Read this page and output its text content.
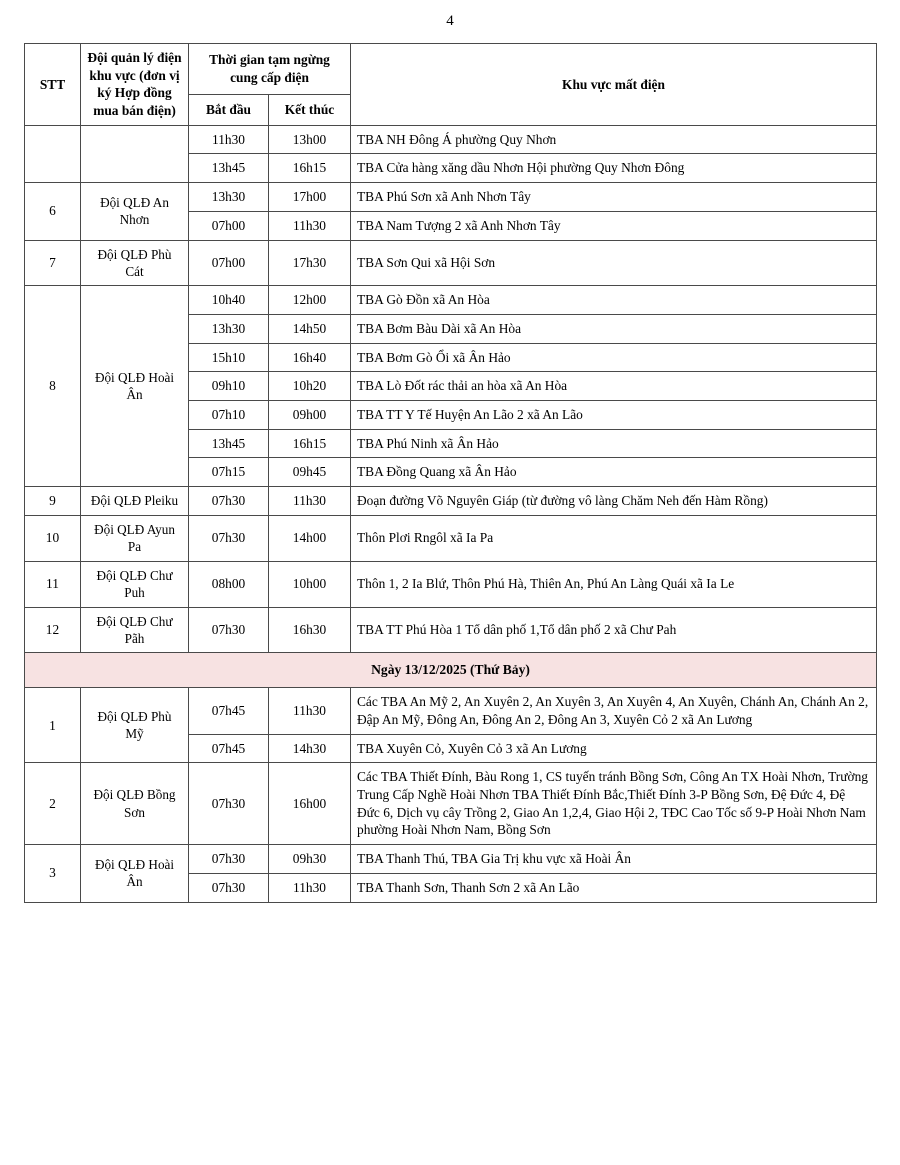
4
STT	Đội quản lý điện khu vực (đơn vị ký Hợp đồng mua bán điện)	Thời gian tạm ngừng cung cấp điện		Khu vực mất điện
		Bắt đầu	Kết thúc	
		11h30	13h00	TBA NH Đông Á phường Quy Nhơn
		13h45	16h15	TBA Cửa hàng xăng dầu Nhơn Hội phường Quy Nhơn Đông
6	Đội QLĐ An Nhơn	13h30	17h00	TBA Phú Sơn xã Anh Nhơn Tây
		07h00	11h30	TBA Nam Tượng 2 xã Anh Nhơn Tây
7	Đội QLĐ Phù Cát	07h00	17h30	TBA Sơn Qui xã Hội Sơn
8	Đội QLĐ Hoài Ân	10h40	12h00	TBA Gò Đồn xã An Hòa
		13h30	14h50	TBA Bơm Bàu Dài xã An Hòa
		15h10	16h40	TBA Bơm Gò Ổi xã Ân Hảo
		09h10	10h20	TBA Lò Đốt rác thải an hòa xã An Hòa
		07h10	09h00	TBA TT Y Tế Huyện An Lão 2 xã An Lão
		13h45	16h15	TBA Phú Ninh xã Ân Hảo
		07h15	09h45	TBA Đồng Quang xã Ân Hảo
9	Đội QLĐ Pleiku	07h30	11h30	Đoạn đường Võ Nguyên Giáp (từ đường vô làng Chăm Neh đến Hàm Rồng)
10	Đội QLĐ Ayun Pa	07h30	14h00	Thôn Plơi Rngôl xã Ia Pa
11	Đội QLĐ Chư Puh	08h00	10h00	Thôn 1, 2 Ia Blứ, Thôn Phú Hà, Thiên An, Phú An Làng Quái xã Ia Le
12	Đội QLĐ Chư Pãh	07h30	16h30	TBA TT Phú Hòa 1 Tổ dân phố 1,Tổ dân phố 2 xã Chư Pah
Ngày 13/12/2025 (Thứ Bảy)				
1	Đội QLĐ Phù Mỹ	07h45	11h30	Các TBA An Mỹ 2, An Xuyên 2, An Xuyên 3, An Xuyên 4, An Xuyên, Chánh An, Chánh An 2, Đập An Mỹ, Đông An, Đông An 2, Đông An 3, Xuyên Cỏ 2 xã An Lương
		07h45	14h30	TBA Xuyên Cỏ, Xuyên Cỏ 3 xã An Lương
2	Đội QLĐ Bồng Sơn	07h30	16h00	Các TBA Thiết Đính, Bàu Rong 1, CS tuyến tránh Bồng Sơn, Công An TX Hoài Nhơn, Trường Trung Cấp Nghề Hoài Nhơn TBA Thiết Đính Bắc,Thiết Đính 3-P Bồng Sơn, Đệ Đức 4, Đệ Đức 6, Dịch vụ cây Trồng 2, Giao An 1,2,4, Giao Hội 2, TĐC Cao Tốc số 9-P Hoài Nhơn Nam phường Hoài Nhơn Nam, Bồng Sơn
3	Đội QLĐ Hoài Ân	07h30	09h30	TBA Thanh Thú, TBA Gia Trị khu vực xã Hoài Ân
		07h30	11h30	TBA Thanh Sơn, Thanh Sơn 2 xã An Lão
